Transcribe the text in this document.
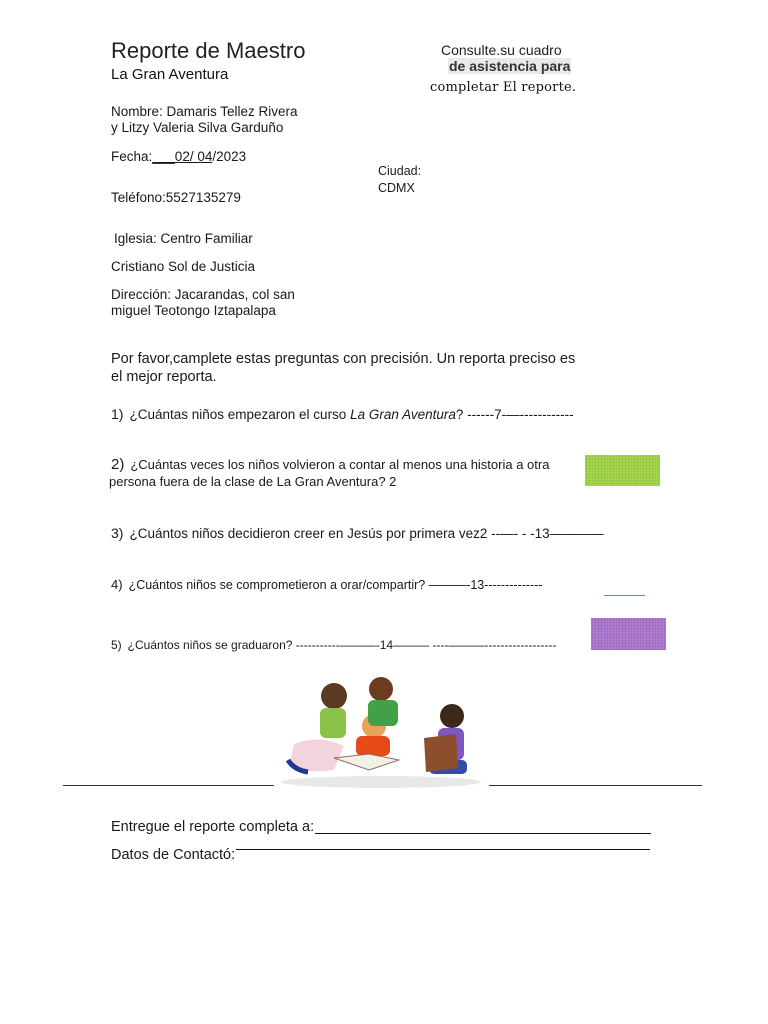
Reporte de Maestro
La Gran Aventura
Consulte.su cuadro
de asistencia para
completar El reporte.
Nombre: Damaris Tellez Rivera
y Litzy Valeria Silva Garduño
Fecha:___02/ 04/2023
Ciudad:
CDMX
Teléfono:5527135279
Iglesia: Centro Familiar
Cristiano Sol de Justicia
Dirección: Jacarandas, col san
miguel Teotongo Iztapalapa
Por favor,camplete estas preguntas con precisión. Un reporta preciso es el mejor reporta.
1) ¿Cuántas niños empezaron el curso La Gran Aventura? ------7-—------------
2) ¿Cuántas veces los niños volvieron a contar al menos una historia a otra
persona fuera de la clase de La Gran Aventura? 2
3) ¿Cuántos niños decidieron creer en Jesús por primera vez2 --—- - -13————
4) ¿Cuántos niños se comprometieron a orar/compartir? ———-13--------------
5) ¿Cuántos niños se graduaron? -----------———-14——— ----———------------------
Entregue el reporte completa a:
Datos de Contactó:
